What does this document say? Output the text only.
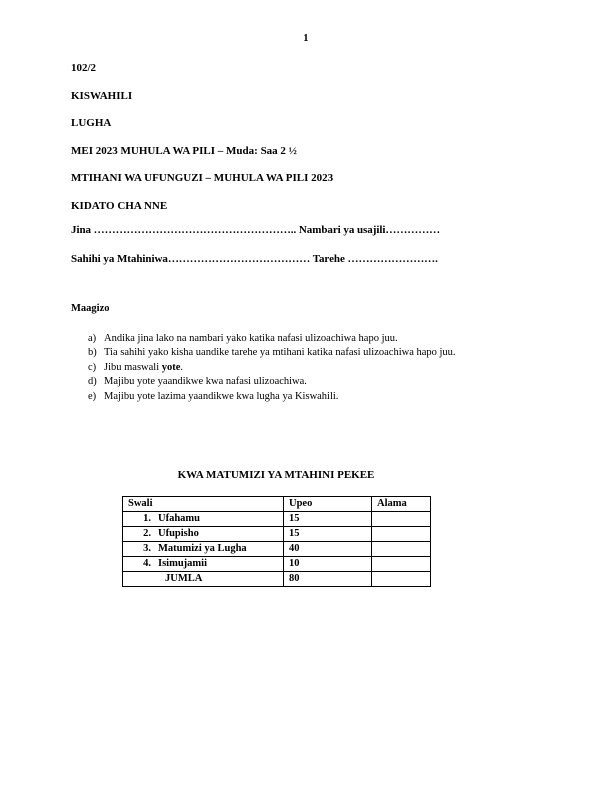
1
102/2
KISWAHILI
LUGHA
MEI 2023 MUHULA WA PILI – Muda: Saa 2 ½
MTIHANI WA UFUNGUZI – MUHULA WA PILI 2023
KIDATO CHA NNE
Jina ……………………………………………….. Nambari ya usajili……………
Sahihi ya Mtahiniwa………………………………… Tarehe …………………….
Maagizo
a) Andika jina lako na nambari yako katika nafasi ulizoachiwa hapo juu.
b) Tia sahihi yako kisha uandike tarehe ya mtihani katika nafasi ulizoachiwa hapo juu.
c) Jibu maswali yote.
d) Majibu yote yaandikwe kwa nafasi ulizoachiwa.
e) Majibu yote lazima yaandikwe kwa lugha ya Kiswahili.
KWA MATUMIZI YA MTAHINI PEKEE
Swali	Upeo	Alama
1. Ufahamu	15	
2. Ufupisho	15	
3. Matumizi ya Lugha	40	
4. Isimujamii	10	
JUMLA	80	
